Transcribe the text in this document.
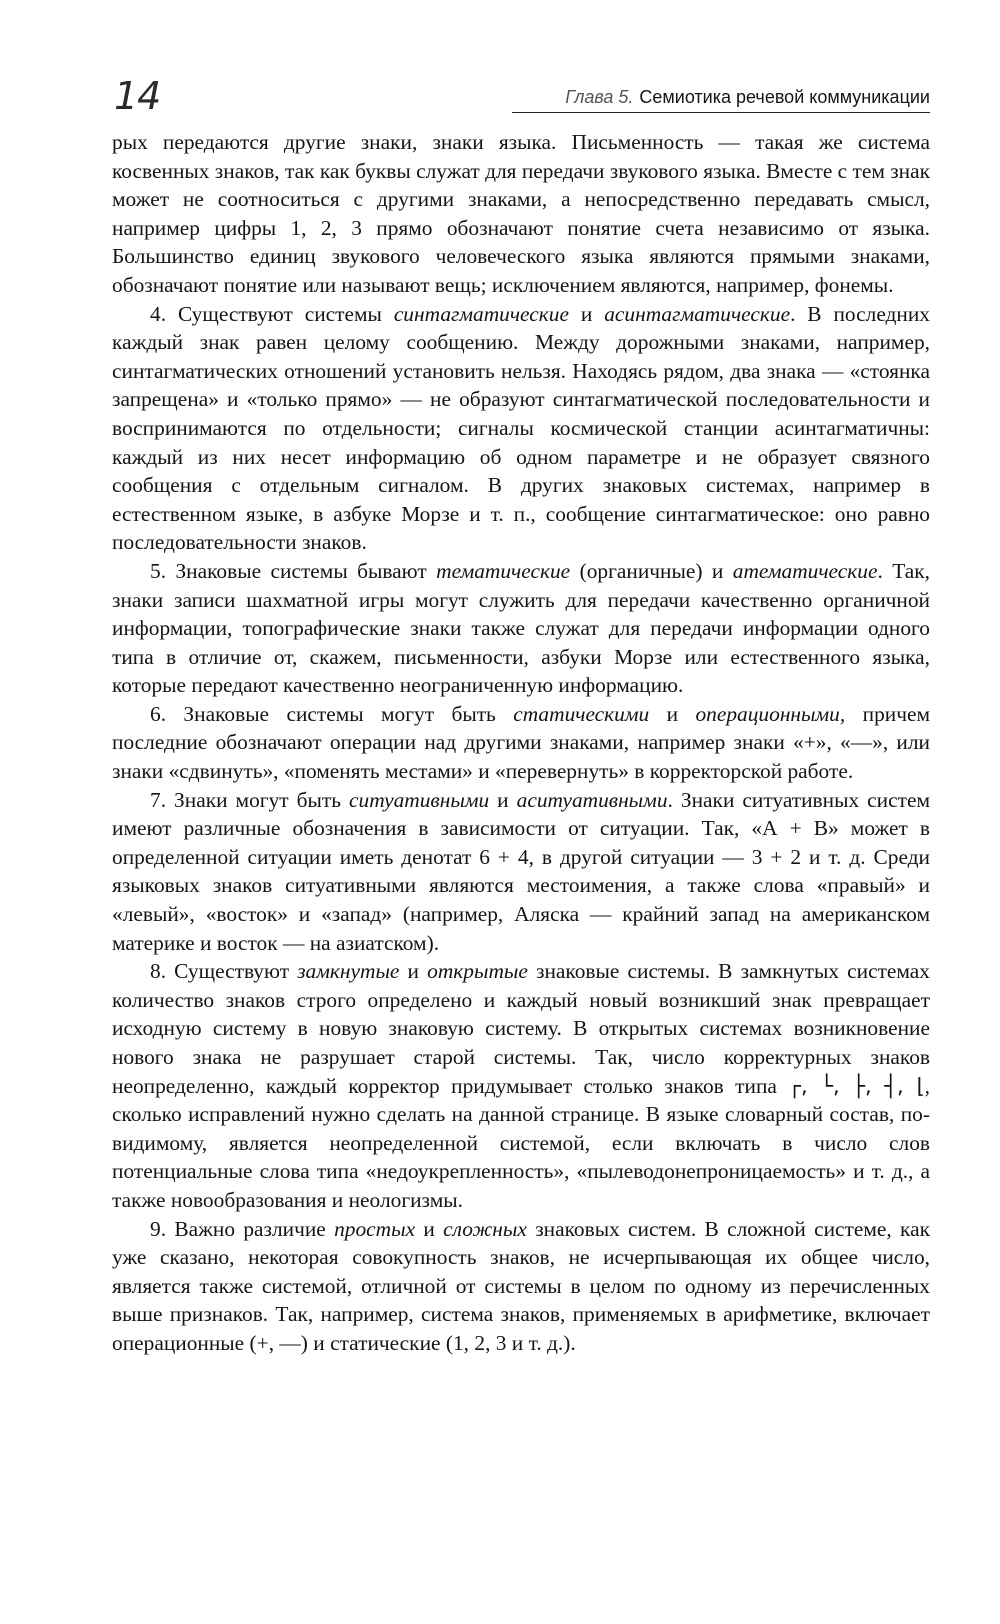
14	Глава 5. Семиотика речевой коммуникации

рых передаются другие знаки, знаки языка. Письменность — такая же система косвенных знаков, так как буквы служат для передачи звукового языка. Вместе с тем знак может не соотноситься с другими знаками, а непосредственно передавать смысл, например цифры 1, 2, 3 прямо обозначают понятие счета независимо от языка. Большинство единиц звукового человеческого языка являются прямыми знаками, обозначают понятие или называют вещь; исключением являются, например, фонемы.

4. Существуют системы синтагматические и асинтагматические. В последних каждый знак равен целому сообщению. Между дорожными знаками, например, синтагматических отношений установить нельзя. Находясь рядом, два знака — «стоянка запрещена» и «только прямо» — не образуют синтагматической последовательности и воспринимаются по отдельности; сигналы космической станции асинтагматичны: каждый из них несет информацию об одном параметре и не образует связного сообщения с отдельным сигналом. В других знаковых системах, например в естественном языке, в азбуке Морзе и т. п., сообщение синтагматическое: оно равно последовательности знаков.

5. Знаковые системы бывают тематические (органичные) и атематические. Так, знаки записи шахматной игры могут служить для передачи качественно органичной информации, топографические знаки также служат для передачи информации одного типа в отличие от, скажем, письменности, азбуки Морзе или естественного языка, которые передают качественно неограниченную информацию.

6. Знаковые системы могут быть статическими и операционными, причем последние обозначают операции над другими знаками, например знаки «+», «—», или знаки «сдвинуть», «поменять местами» и «перевернуть» в корректорской работе.

7. Знаки могут быть ситуативными и аситуативными. Знаки ситуативных систем имеют различные обозначения в зависимости от ситуации. Так, «А + В» может в определенной ситуации иметь денотат 6 + 4, в другой ситуации — 3 + 2 и т. д. Среди языковых знаков ситуативными являются местоимения, а также слова «правый» и «левый», «восток» и «запад» (например, Аляска — крайний запад на американском материке и восток — на азиатском).

8. Существуют замкнутые и открытые знаковые системы. В замкнутых системах количество знаков строго определено и каждый новый возникший знак превращает исходную систему в новую знаковую систему. В открытых системах возникновение нового знака не разрушает старой системы. Так, число корректурных знаков неопределенно, каждый корректор придумывает столько знаков типа ┌, └, ├, ┤, ⌊, сколько исправлений нужно сделать на данной странице. В языке словарный состав, по-видимому, является неопределенной системой, если включать в число слов потенциальные слова типа «недоукрепленность», «пылеводонепроницаемость» и т. д., а также новообразования и неологизмы.

9. Важно различие простых и сложных знаковых систем. В сложной системе, как уже сказано, некоторая совокупность знаков, не исчерпывающая их общее число, является также системой, отличной от системы в целом по одному из перечисленных выше признаков. Так, например, система знаков, применяемых в арифметике, включает операционные (+, —) и статические (1, 2, 3 и т. д.).
